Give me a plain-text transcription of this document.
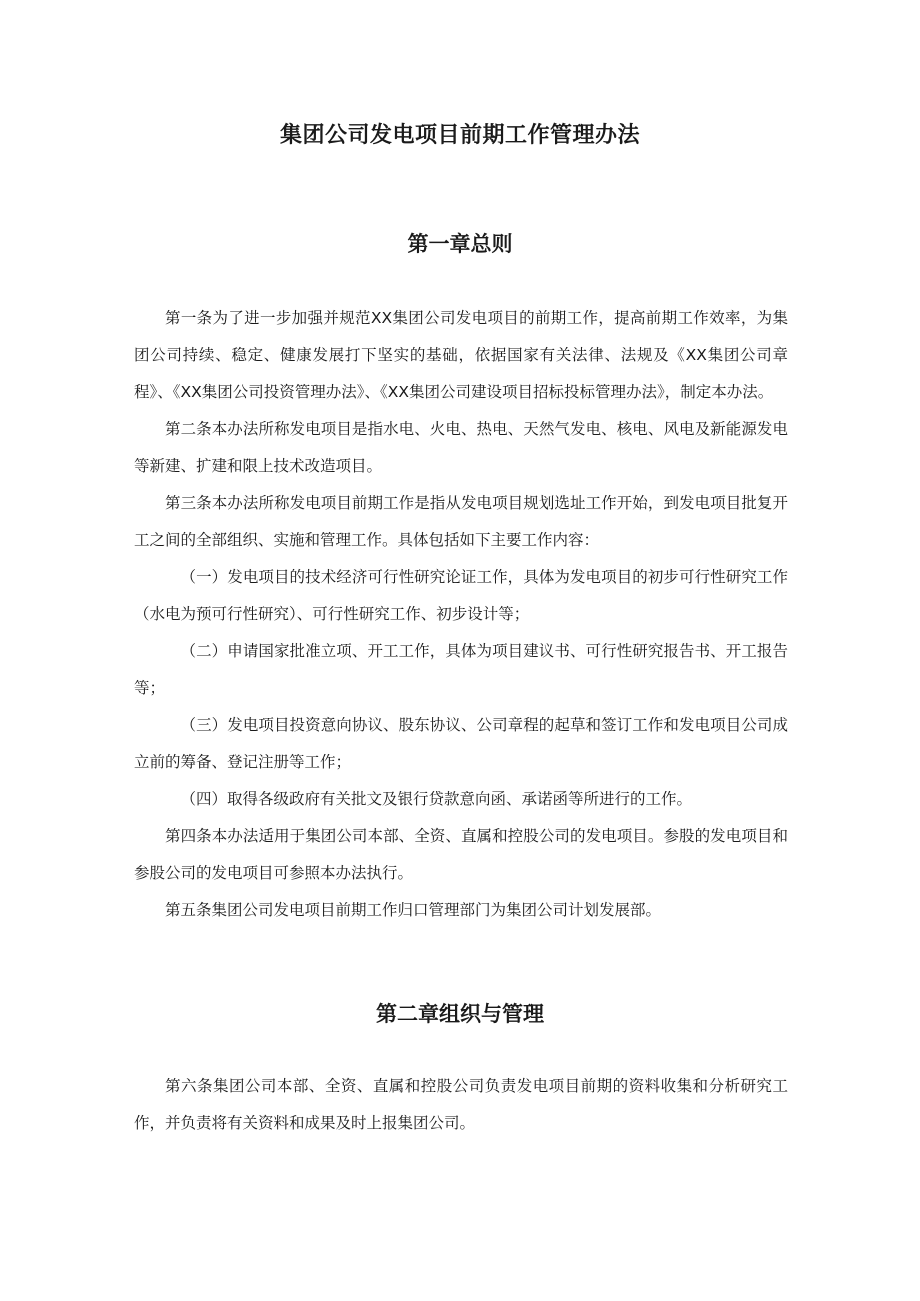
集团公司发电项目前期工作管理办法
第一章总则

第一条为了进一步加强并规范XX集团公司发电项目的前期工作，提高前期工作效率，为集团公司持续、稳定、健康发展打下坚实的基础，依据国家有关法律、法规及《XX集团公司章程》、《XX集团公司投资管理办法》、《XX集团公司建设项目招标投标管理办法》，制定本办法。

第二条本办法所称发电项目是指水电、火电、热电、天然气发电、核电、风电及新能源发电等新建、扩建和限上技术改造项目。

第三条本办法所称发电项目前期工作是指从发电项目规划选址工作开始，到发电项目批复开工之间的全部组织、实施和管理工作。具体包括如下主要工作内容：

（一）发电项目的技术经济可行性研究论证工作，具体为发电项目的初步可行性研究工作（水电为预可行性研究）、可行性研究工作、初步设计等；

（二）申请国家批准立项、开工工作，具体为项目建议书、可行性研究报告书、开工报告等；

（三）发电项目投资意向协议、股东协议、公司章程的起草和签订工作和发电项目公司成立前的筹备、登记注册等工作；

（四）取得各级政府有关批文及银行贷款意向函、承诺函等所进行的工作。

第四条本办法适用于集团公司本部、全资、直属和控股公司的发电项目。参股的发电项目和参股公司的发电项目可参照本办法执行。

第五条集团公司发电项目前期工作归口管理部门为集团公司计划发展部。

第二章组织与管理

第六条集团公司本部、全资、直属和控股公司负责发电项目前期的资料收集和分析研究工作，并负责将有关资料和成果及时上报集团公司。
